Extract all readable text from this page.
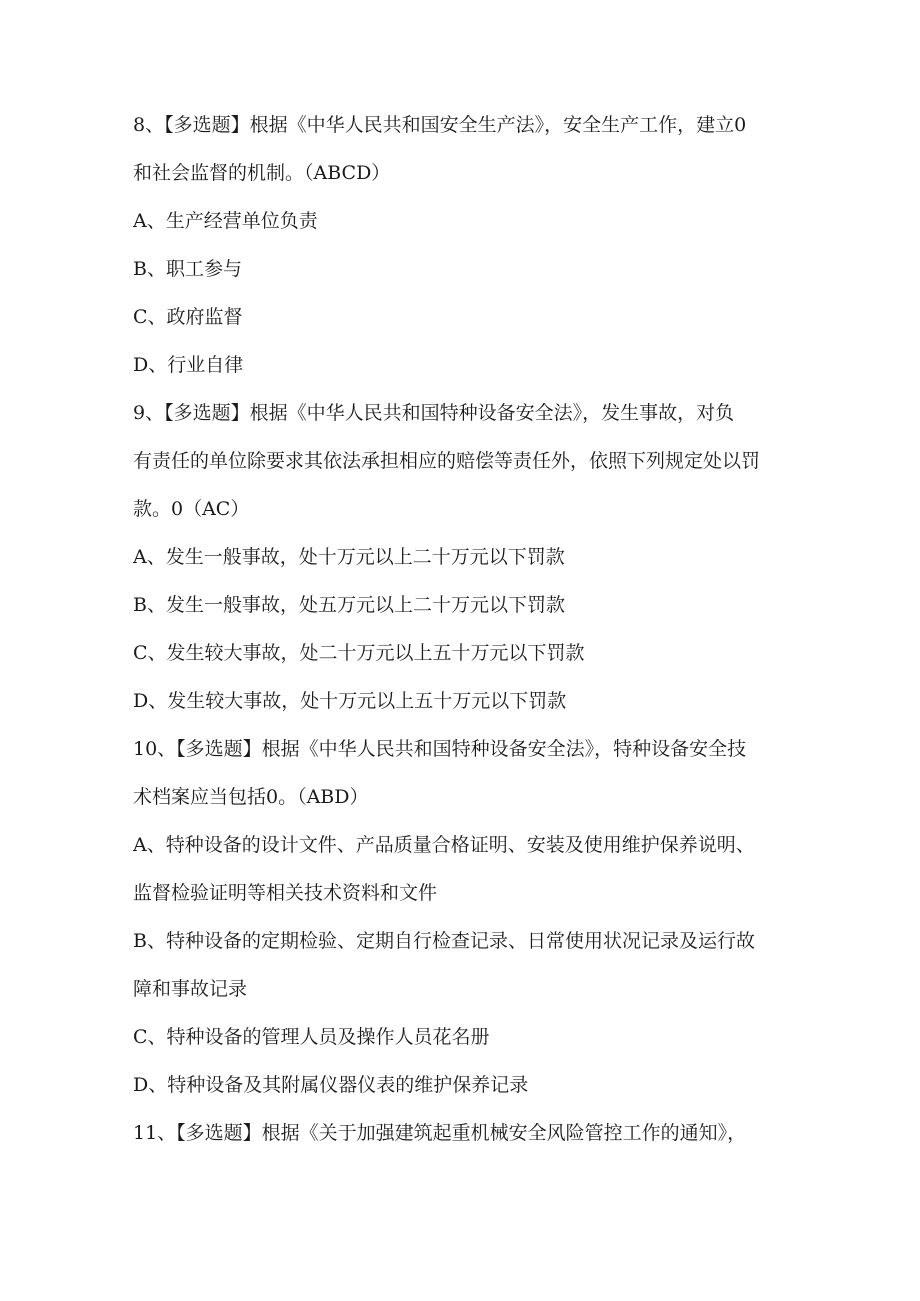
8、【多选题】根据《中华人民共和国安全生产法》，安全生产工作，建立0
和社会监督的机制。（ABCD）
A、生产经营单位负责
B、职工参与
C、政府监督
D、行业自律
9、【多选题】根据《中华人民共和国特种设备安全法》，发生事故，对负
有责任的单位除要求其依法承担相应的赔偿等责任外，依照下列规定处以罚
款。0（AC）
A、发生一般事故，处十万元以上二十万元以下罚款
B、发生一般事故，处五万元以上二十万元以下罚款
C、发生较大事故，处二十万元以上五十万元以下罚款
D、发生较大事故，处十万元以上五十万元以下罚款
10、【多选题】根据《中华人民共和国特种设备安全法》，特种设备安全技
术档案应当包括0。（ABD）
A、特种设备的设计文件、产品质量合格证明、安装及使用维护保养说明、
监督检验证明等相关技术资料和文件
B、特种设备的定期检验、定期自行检查记录、日常使用状况记录及运行故
障和事故记录
C、特种设备的管理人员及操作人员花名册
D、特种设备及其附属仪器仪表的维护保养记录
11、【多选题】根据《关于加强建筑起重机械安全风险管控工作的通知》，
